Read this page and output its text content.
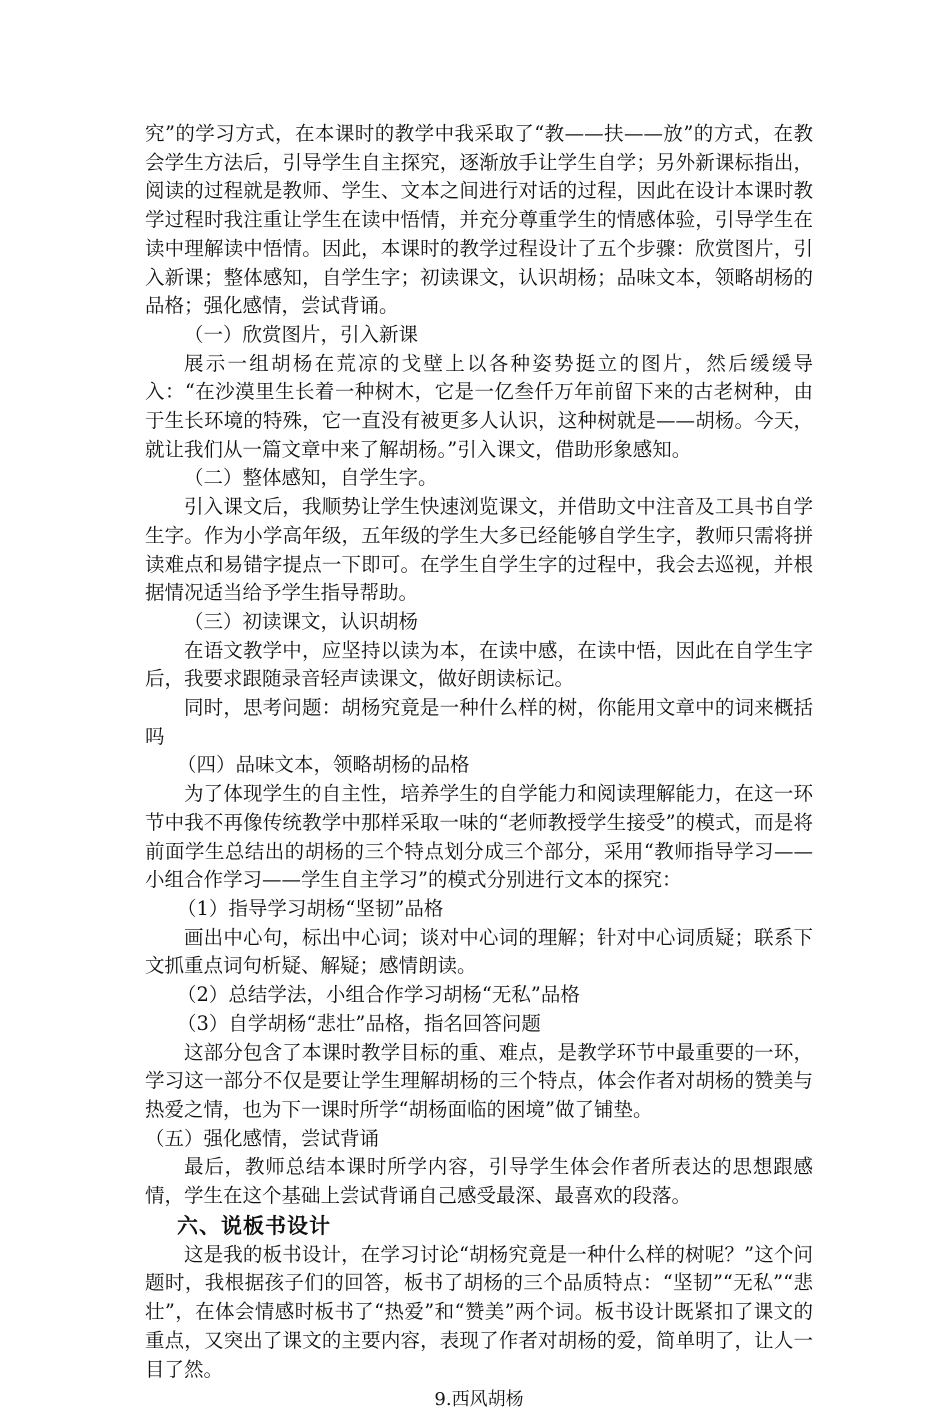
究”的学习方式，在本课时的教学中我采取了“教——扶——放”的方式，在教会学生方法后，引导学生自主探究，逐渐放手让学生自学；另外新课标指出，阅读的过程就是教师、学生、文本之间进行对话的过程，因此在设计本课时教学过程时我注重让学生在读中悟情，并充分尊重学生的情感体验，引导学生在读中理解读中悟情。因此，本课时的教学过程设计了五个步骤：欣赏图片，引入新课；整体感知，自学生字；初读课文，认识胡杨；品味文本，领略胡杨的品格；强化感情，尝试背诵。

（一）欣赏图片，引入新课

展示一组胡杨在荒凉的戈壁上以各种姿势挺立的图片，然后缓缓导入：“在沙漠里生长着一种树木，它是一亿叁仟万年前留下来的古老树种，由于生长环境的特殊，它一直没有被更多人认识，这种树就是——胡杨。今天，就让我们从一篇文章中来了解胡杨。”引入课文，借助形象感知。

（二）整体感知，自学生字。

引入课文后，我顺势让学生快速浏览课文，并借助文中注音及工具书自学生字。作为小学高年级，五年级的学生大多已经能够自学生字，教师只需将拼读难点和易错字提点一下即可。在学生自学生字的过程中，我会去巡视，并根据情况适当给予学生指导帮助。

（三）初读课文，认识胡杨

在语文教学中，应坚持以读为本，在读中感，在读中悟，因此在自学生字后，我要求跟随录音轻声读课文，做好朗读标记。

同时，思考问题：胡杨究竟是一种什么样的树，你能用文章中的词来概括吗

（四）品味文本，领略胡杨的品格

为了体现学生的自主性，培养学生的自学能力和阅读理解能力，在这一环节中我不再像传统教学中那样采取一味的“老师教授学生接受”的模式，而是将前面学生总结出的胡杨的三个特点划分成三个部分，采用“教师指导学习——小组合作学习——学生自主学习”的模式分别进行文本的探究：

（1）指导学习胡杨“坚韧”品格

画出中心句，标出中心词；谈对中心词的理解；针对中心词质疑；联系下文抓重点词句析疑、解疑；感情朗读。

（2）总结学法，小组合作学习胡杨“无私”品格

（3）自学胡杨“悲壮”品格，指名回答问题

这部分包含了本课时教学目标的重、难点，是教学环节中最重要的一环，学习这一部分不仅是要让学生理解胡杨的三个特点，体会作者对胡杨的赞美与热爱之情，也为下一课时所学“胡杨面临的困境”做了铺垫。

（五）强化感情，尝试背诵

最后，教师总结本课时所学内容，引导学生体会作者所表达的思想跟感情，学生在这个基础上尝试背诵自己感受最深、最喜欢的段落。

六、说板书设计

这是我的板书设计，在学习讨论“胡杨究竟是一种什么样的树呢？”这个问题时，我根据孩子们的回答，板书了胡杨的三个品质特点：“坚韧”“无私”“悲壮”，在体会情感时板书了“热爱”和“赞美”两个词。板书设计既紧扣了课文的重点，又突出了课文的主要内容，表现了作者对胡杨的爱，简单明了，让人一目了然。

9.西风胡杨
